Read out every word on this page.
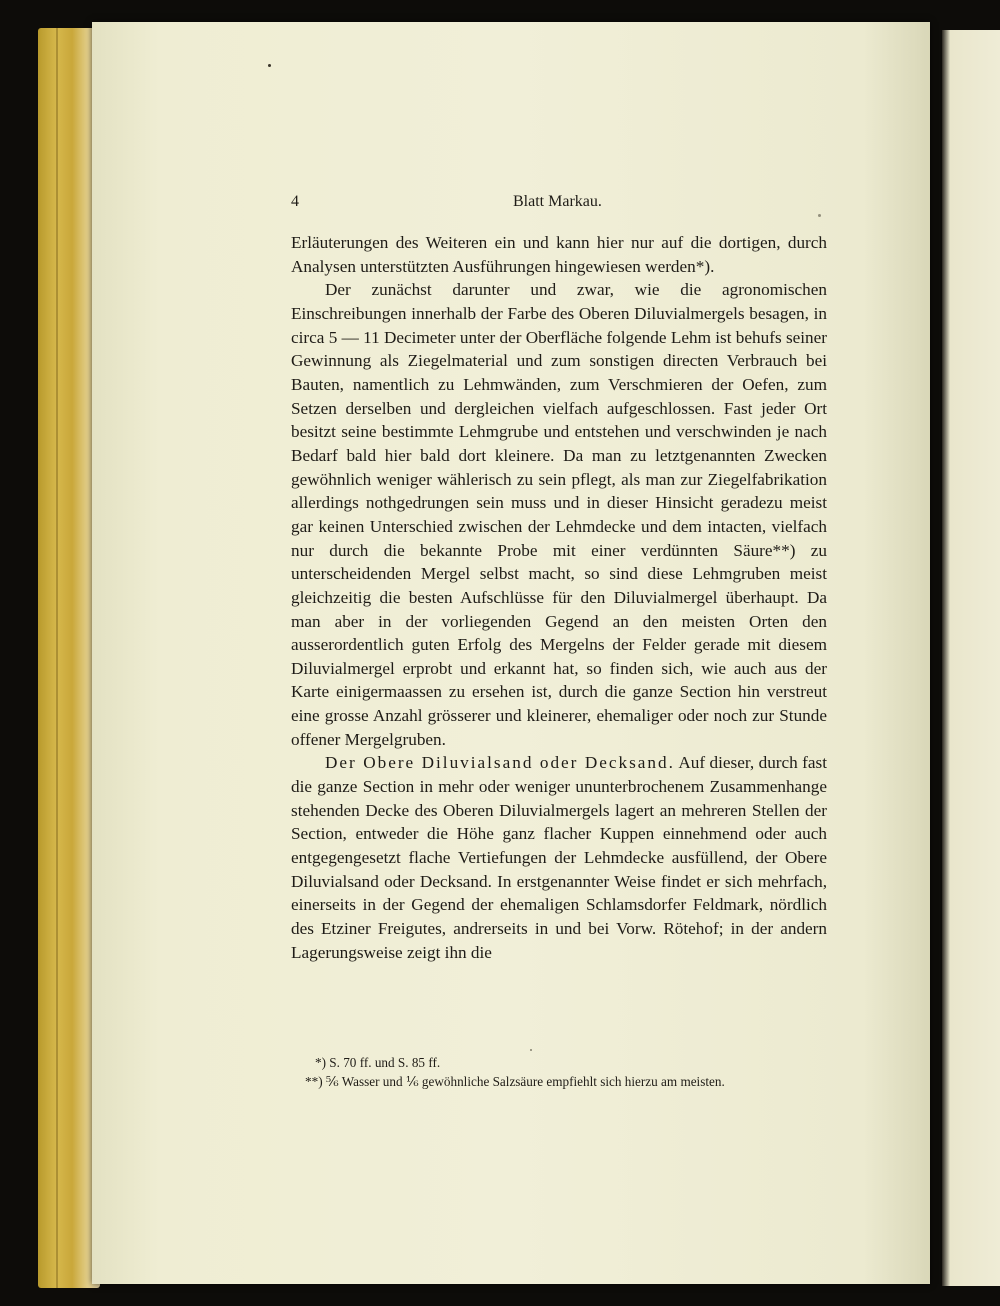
4	Blatt Markau.

Erläuterungen des Weiteren ein und kann hier nur auf die dortigen, durch Analysen unterstützten Ausführungen hingewiesen werden*).

Der zunächst darunter und zwar, wie die agronomischen Einschreibungen innerhalb der Farbe des Oberen Diluvialmergels besagen, in circa 5 — 11 Decimeter unter der Oberfläche folgende Lehm ist behufs seiner Gewinnung als Ziegelmaterial und zum sonstigen directen Verbrauch bei Bauten, namentlich zu Lehmwänden, zum Verschmieren der Oefen, zum Setzen derselben und dergleichen vielfach aufgeschlossen. Fast jeder Ort besitzt seine bestimmte Lehmgrube und entstehen und verschwinden je nach Bedarf bald hier bald dort kleinere. Da man zu letztgenannten Zwecken gewöhnlich weniger wählerisch zu sein pflegt, als man zur Ziegelfabrikation allerdings nothgedrungen sein muss und in dieser Hinsicht geradezu meist gar keinen Unterschied zwischen der Lehmdecke und dem intacten, vielfach nur durch die bekannte Probe mit einer verdünnten Säure**) zu unterscheidenden Mergel selbst macht, so sind diese Lehmgruben meist gleichzeitig die besten Aufschlüsse für den Diluvialmergel überhaupt. Da man aber in der vorliegenden Gegend an den meisten Orten den ausserordentlich guten Erfolg des Mergelns der Felder gerade mit diesem Diluvialmergel erprobt und erkannt hat, so finden sich, wie auch aus der Karte einigermaassen zu ersehen ist, durch die ganze Section hin verstreut eine grosse Anzahl grösserer und kleinerer, ehemaliger oder noch zur Stunde offener Mergelgruben.

Der Obere Diluvialsand oder Decksand. Auf dieser, durch fast die ganze Section in mehr oder weniger ununterbrochenem Zusammenhange stehenden Decke des Oberen Diluvialmergels lagert an mehreren Stellen der Section, entweder die Höhe ganz flacher Kuppen einnehmend oder auch entgegengesetzt flache Vertiefungen der Lehmdecke ausfüllend, der Obere Diluvialsand oder Decksand. In erstgenannter Weise findet er sich mehrfach, einerseits in der Gegend der ehemaligen Schlamsdorfer Feldmark, nördlich des Etziner Freigutes, andrerseits in und bei Vorw. Rötehof; in der andern Lagerungsweise zeigt ihn die

*) S. 70 ff. und S. 85 ff.

**) ⅚ Wasser und ⅙ gewöhnliche Salzsäure empfiehlt sich hierzu am meisten.
